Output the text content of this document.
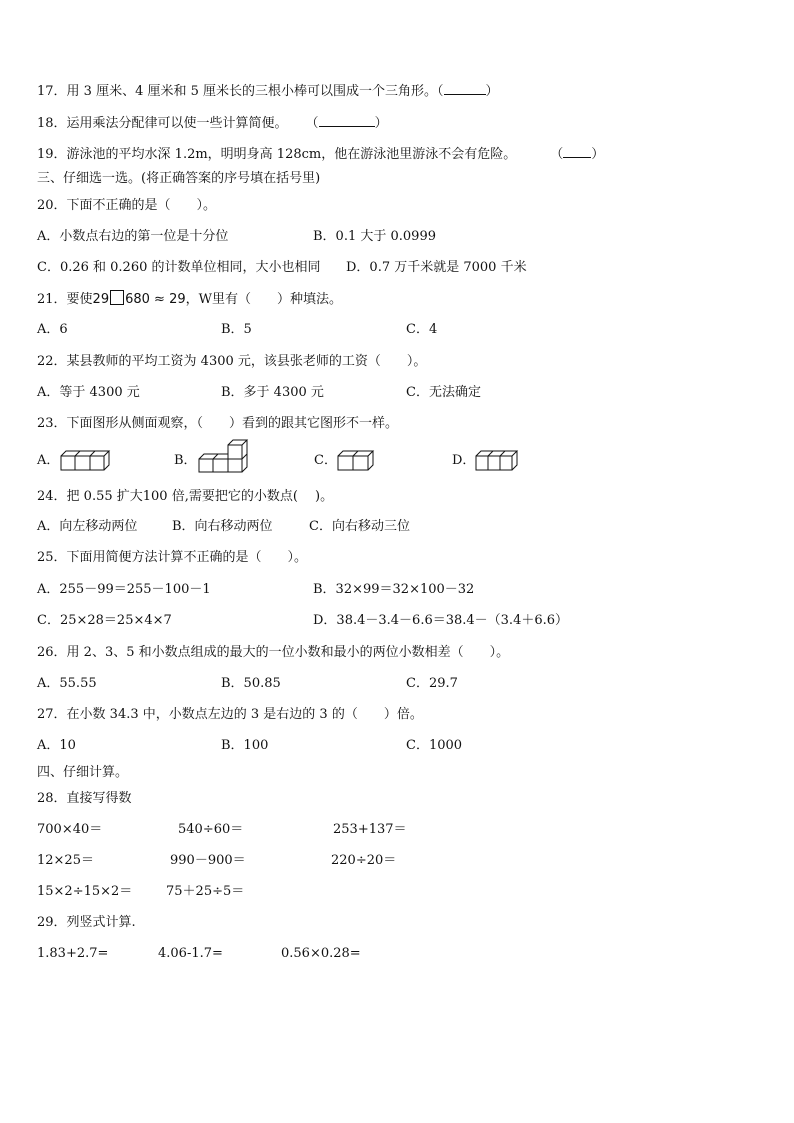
17．用 3 厘米、4 厘米和 5 厘米长的三根小棒可以围成一个三角形。（	）
18．运用乘法分配律可以使一些计算简便。 （	）
19．游泳池的平均水深 1.2m，明明身高 128cm，他在游泳池里游泳不会有危险。	（ ）
三、仔细选一选。(将正确答案的序号填在括号里)
20．下面不正确的是（　　）。
A．小数点右边的第一位是十分位	B．0.1 大于 0.0999
C．0.26 和 0.260 的计数单位相同，大小也相同 D．0.7 万千米就是 7000 千米
21．要使29 680 ≈ 29，W里有（　　）种填法。
A．6	B．5	C．4
22．某县教师的平均工资为 4300 元，该县张老师的工资（　　）。
A．等于 4300 元	B．多于 4300 元	C．无法确定
23．下面图形从侧面观察，（　　）看到的跟其它图形不一样。
A．	B．	C．	D．
24．把 0.55 扩大100 倍,需要把它的小数点(　 )。
A．向左移动两位	B．向右移动两位	C．向右移动三位
25．下面用简便方法计算不正确的是（　　）。
A．255－99＝255－100－1	B．32×99＝32×100－32
C．25×28＝25×4×7	D．38.4－3.4－6.6＝38.4－（3.4＋6.6）
26．用 2、3、5 和小数点组成的最大的一位小数和最小的两位小数相差（　　）。
A．55.55	B．50.85	C．29.7
27．在小数 34.3 中，小数点左边的 3 是右边的 3 的（　　）倍。
A．10	B．100	C．1000
四、仔细计算。
28．直接写得数
700×40＝	540÷60＝	253+137＝
12×25＝	990－900＝	220÷20＝
15×2÷15×2＝	75＋25÷5＝
29．列竖式计算.
1.83+2.7=	4.06-1.7=	0.56×0.28=
